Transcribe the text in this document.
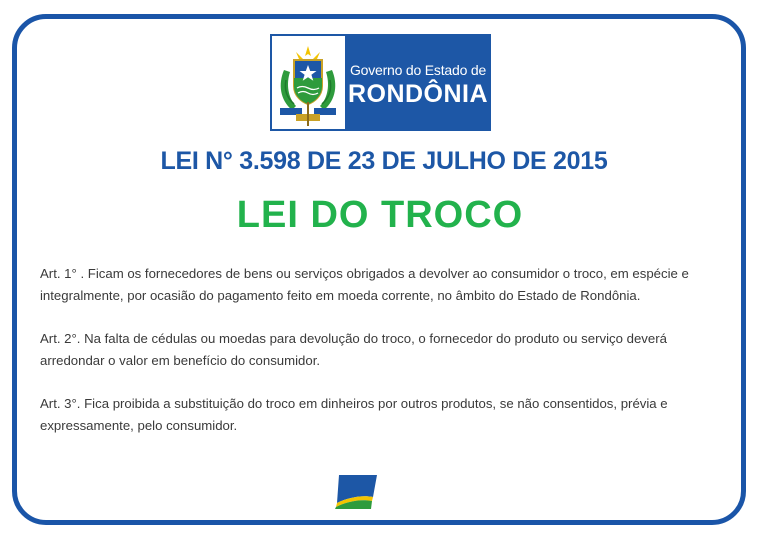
Governo do Estado de
RONDÔNIA
LEI N° 3.598 DE 23 DE JULHO DE 2015
LEI DO TROCO

Art. 1° . Ficam os fornecedores de bens ou serviços obrigados a devolver ao consumidor o troco, em espécie e integralmente, por ocasião do pagamento feito em moeda corrente, no âmbito do Estado de Rondônia.

Art. 2°. Na falta de cédulas ou moedas para devolução do troco, o fornecedor do produto ou serviço deverá arredondar o valor em benefício do consumidor.

Art. 3°. Fica proibida a substituição do troco em dinheiros por outros produtos, se não consentidos, prévia e expressamente, pelo consumidor.
